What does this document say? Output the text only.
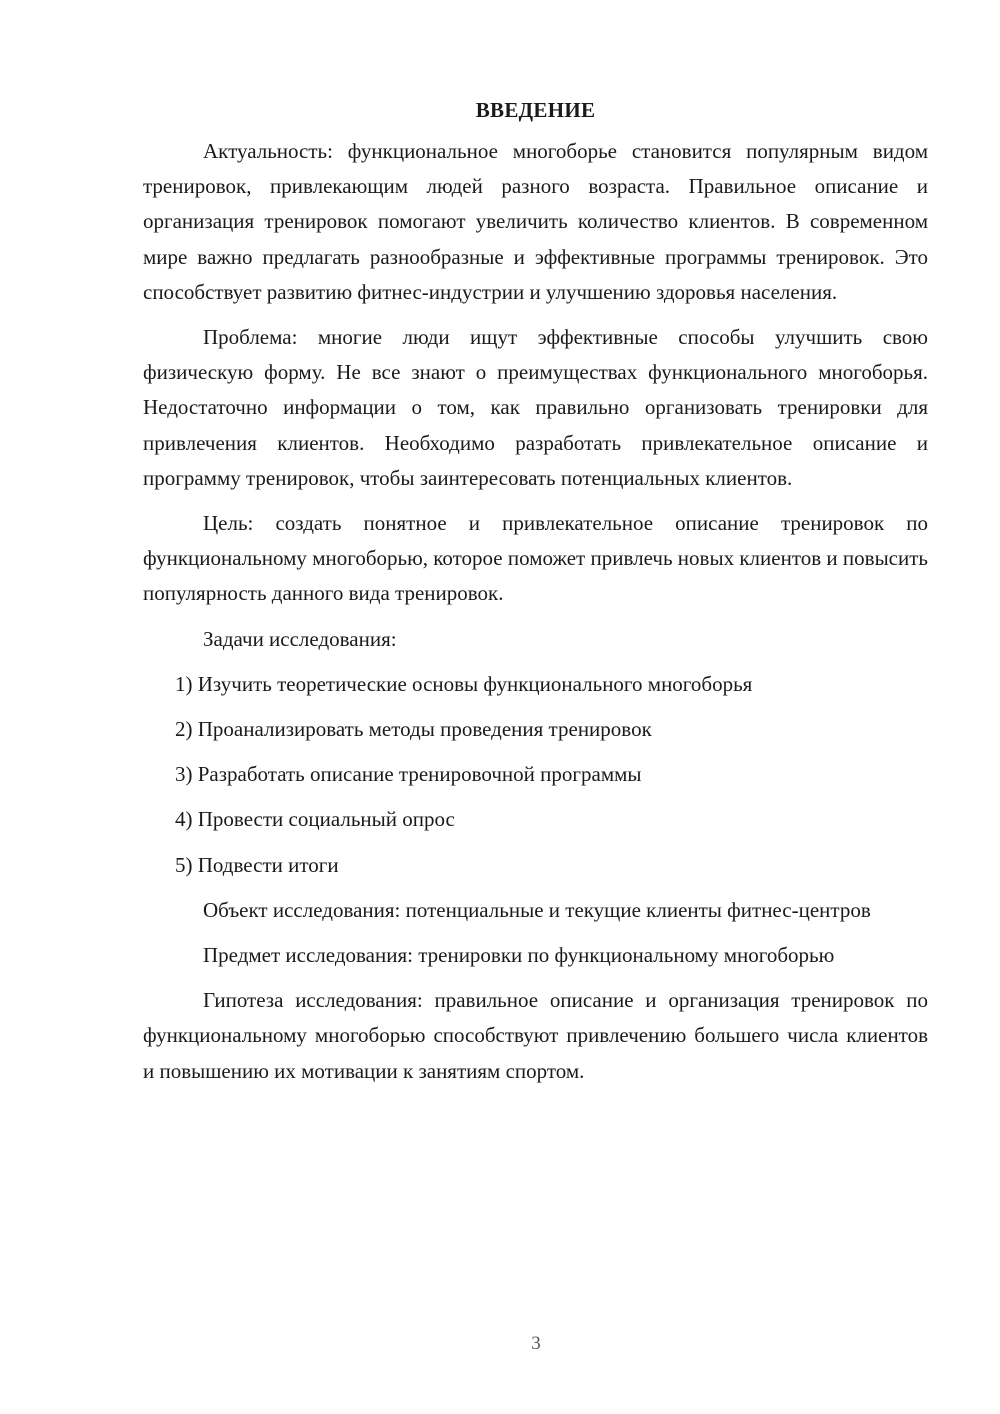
ВВЕДЕНИЕ

Актуальность: функциональное многоборье становится популярным видом тренировок, привлекающим людей разного возраста. Правильное описание и организация тренировок помогают увеличить количество клиентов. В современном мире важно предлагать разнообразные и эффективные программы тренировок. Это способствует развитию фитнес-индустрии и улучшению здоровья населения.

Проблема: многие люди ищут эффективные способы улучшить свою физическую форму. Не все знают о преимуществах функционального многоборья. Недостаточно информации о том, как правильно организовать тренировки для привлечения клиентов. Необходимо разработать привлекательное описание и программу тренировок, чтобы заинтересовать потенциальных клиентов.

Цель: создать понятное и привлекательное описание тренировок по функциональному многоборью, которое поможет привлечь новых клиентов и повысить популярность данного вида тренировок.

Задачи исследования:

1) Изучить теоретические основы функционального многоборья
2) Проанализировать методы проведения тренировок
3) Разработать описание тренировочной программы
4) Провести социальный опрос
5) Подвести итоги

Объект исследования: потенциальные и текущие клиенты фитнес-центров

Предмет исследования: тренировки по функциональному многоборью

Гипотеза исследования: правильное описание и организация тренировок по функциональному многоборью способствуют привлечению большего числа клиентов и повышению их мотивации к занятиям спортом.

3
